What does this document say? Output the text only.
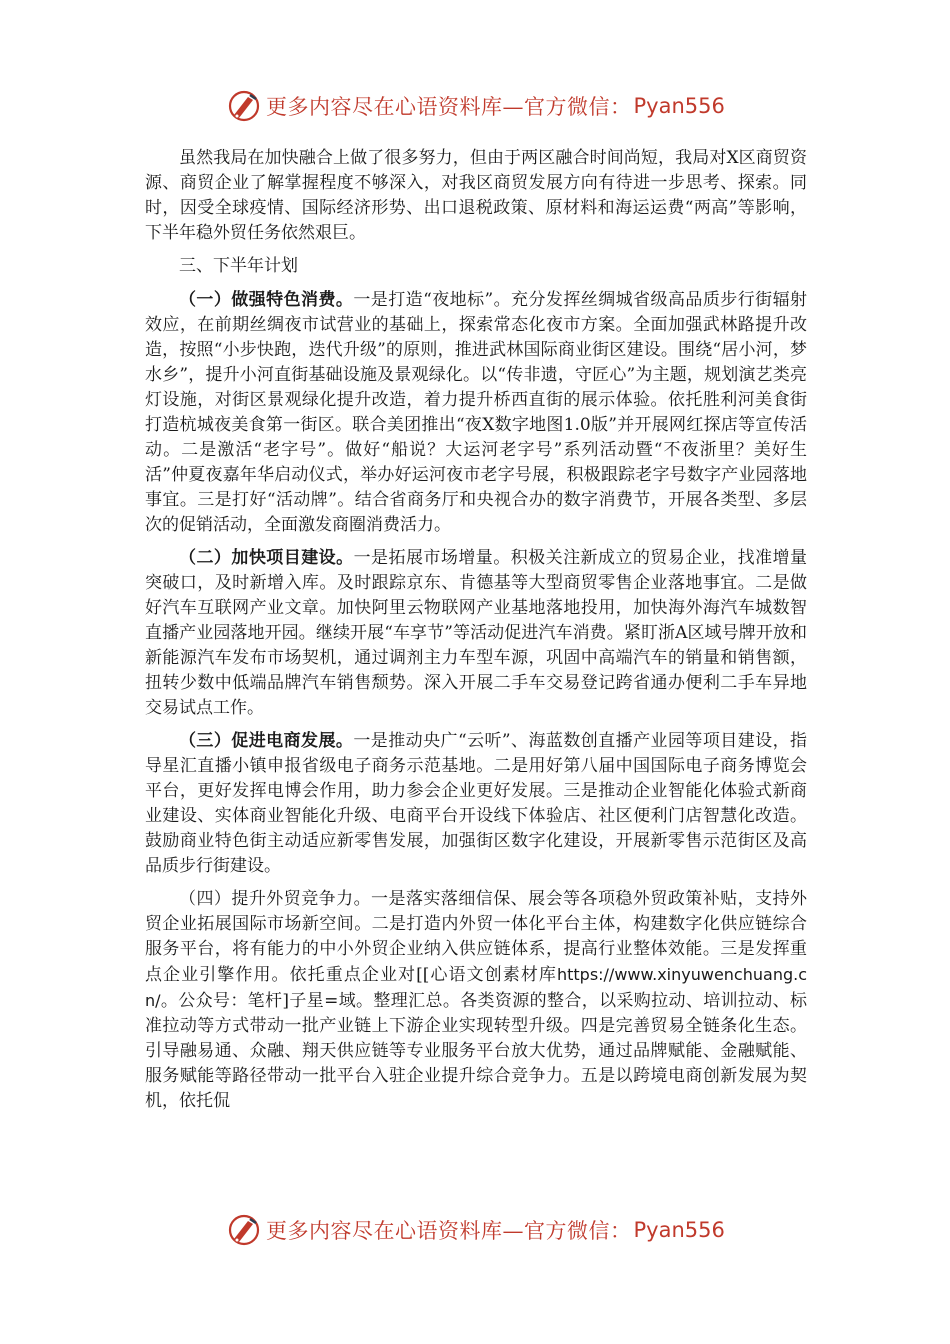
更多内容尽在心语资料库—官方微信： Pyan556

虽然我局在加快融合上做了很多努力，但由于两区融合时间尚短，我局对X区商贸资源、商贸企业了解掌握程度不够深入，对我区商贸发展方向有待进一步思考、探索。同时，因受全球疫情、国际经济形势、出口退税政策、原材料和海运运费“两高”等影响，下半年稳外贸任务依然艰巨。

三、下半年计划

（一）做强特色消费。一是打造“夜地标”。充分发挥丝绸城省级高品质步行街辐射效应，在前期丝绸夜市试营业的基础上，探索常态化夜市方案。全面加强武林路提升改造，按照“小步快跑，迭代升级”的原则，推进武林国际商业街区建设。围绕“居小河，梦水乡”，提升小河直街基础设施及景观绿化。以“传非遗，守匠心”为主题，规划演艺类亮灯设施，对街区景观绿化提升改造，着力提升桥西直街的展示体验。依托胜利河美食街打造杭城夜美食第一街区。联合美团推出“夜X数字地图1.0版”并开展网红探店等宣传活动。二是激活“老字号”。做好“船说？大运河老字号”系列活动暨“不夜浙里？美好生活”仲夏夜嘉年华启动仪式，举办好运河夜市老字号展，积极跟踪老字号数字产业园落地事宜。三是打好“活动牌”。结合省商务厅和央视合办的数字消费节，开展各类型、多层次的促销活动，全面激发商圈消费活力。

（二）加快项目建设。一是拓展市场增量。积极关注新成立的贸易企业，找准增量突破口，及时新增入库。及时跟踪京东、肯德基等大型商贸零售企业落地事宜。二是做好汽车互联网产业文章。加快阿里云物联网产业基地落地投用，加快海外海汽车城数智直播产业园落地开园。继续开展“车享节”等活动促进汽车消费。紧盯浙A区域号牌开放和新能源汽车发布市场契机，通过调剂主力车型车源，巩固中高端汽车的销量和销售额，扭转少数中低端品牌汽车销售颓势。深入开展二手车交易登记跨省通办便利二手车异地交易试点工作。

（三）促进电商发展。一是推动央广“云听”、海蓝数创直播产业园等项目建设，指导星汇直播小镇申报省级电子商务示范基地。二是用好第八届中国国际电子商务博览会平台，更好发挥电博会作用，助力参会企业更好发展。三是推动企业智能化体验式新商业建设、实体商业智能化升级、电商平台开设线下体验店、社区便利门店智慧化改造。鼓励商业特色街主动适应新零售发展，加强街区数字化建设，开展新零售示范街区及高品质步行街建设。

（四）提升外贸竞争力。一是落实落细信保、展会等各项稳外贸政策补贴，支持外贸企业拓展国际市场新空间。二是打造内外贸一体化平台主体，构建数字化供应链综合服务平台，将有能力的中小外贸企业纳入供应链体系，提高行业整体效能。三是发挥重点企业引擎作用。依托重点企业对[[心语文创素材库https://www.xinyuwenchuang.cn/。公众号：笔杆]子星=域。整理汇总。各类资源的整合，以采购拉动、培训拉动、标准拉动等方式带动一批产业链上下游企业实现转型升级。四是完善贸易全链条化生态。引导融易通、众融、翔天供应链等专业服务平台放大优势，通过品牌赋能、金融赋能、服务赋能等路径带动一批平台入驻企业提升综合竞争力。五是以跨境电商创新发展为契机，依托侃

更多内容尽在心语资料库—官方微信： Pyan556
